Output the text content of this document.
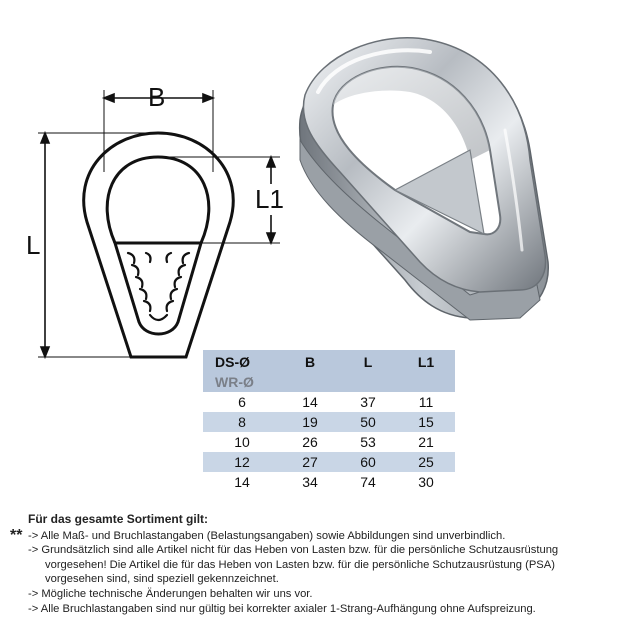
B
L
L1
DS-Ø	B	L	L1
WR-Ø			
6	14	37	11
8	19	50	15
10	26	53	21
12	27	60	25
14	34	74	30
Für das gesamte Sortiment gilt:
** -> Alle Maß- und Bruchlastangaben (Belastungsangaben) sowie Abbildungen sind unverbindlich.
-> Grundsätzlich sind alle Artikel nicht für das Heben von Lasten bzw. für die persönliche Schutzausrüstung
vorgesehen! Die Artikel die für das Heben von Lasten bzw. für die persönliche Schutzausrüstung (PSA)
vorgesehen sind, sind speziell gekennzeichnet.
-> Mögliche technische Änderungen behalten wir uns vor.
-> Alle Bruchlastangaben sind nur gültig bei korrekter axialer 1-Strang-Aufhängung ohne Aufspreizung.
